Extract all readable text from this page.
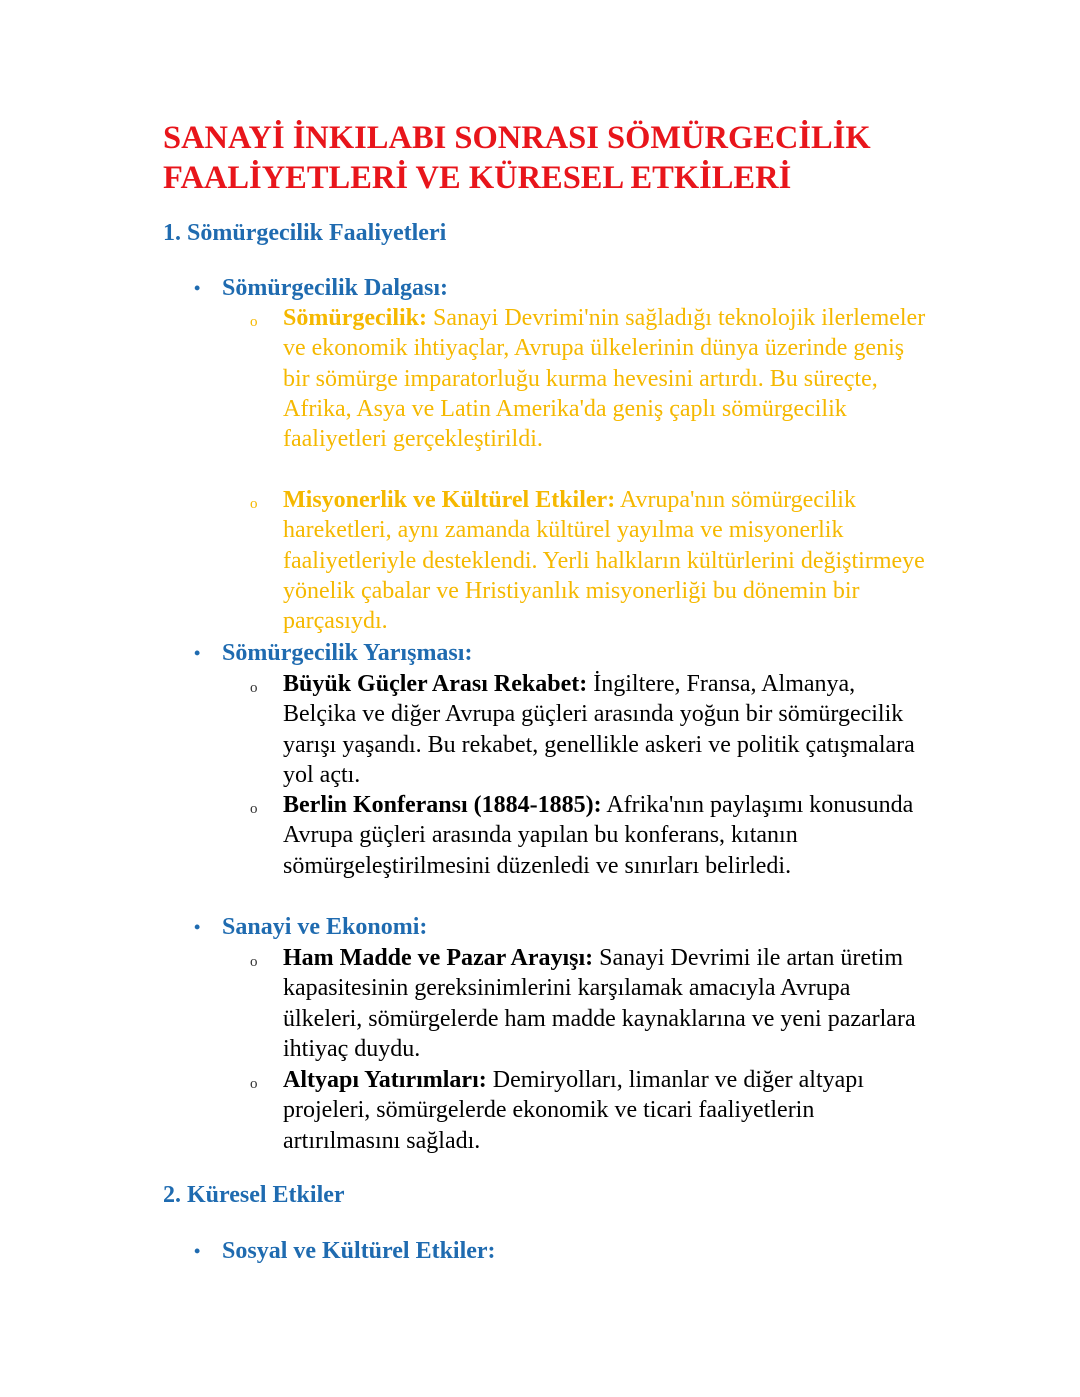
SANAYİ İNKILABI SONRASI SÖMÜRGECİLİK FAALİYETLERİ VE KÜRESEL ETKİLERİ
1. Sömürgecilik Faaliyetleri
• Sömürgecilik Dalgası:
o Sömürgecilik: Sanayi Devrimi'nin sağladığı teknolojik ilerlemeler ve ekonomik ihtiyaçlar, Avrupa ülkelerinin dünya üzerinde geniş bir sömürge imparatorluğu kurma hevesini artırdı. Bu süreçte, Afrika, Asya ve Latin Amerika'da geniş çaplı sömürgecilik faaliyetleri gerçekleştirildi.
o Misyonerlik ve Kültürel Etkiler: Avrupa'nın sömürgecilik hareketleri, aynı zamanda kültürel yayılma ve misyonerlik faaliyetleriyle desteklendi. Yerli halkların kültürlerini değiştirmeye yönelik çabalar ve Hristiyanlık misyonerliği bu dönemin bir parçasıydı.
• Sömürgecilik Yarışması:
o Büyük Güçler Arası Rekabet: İngiltere, Fransa, Almanya, Belçika ve diğer Avrupa güçleri arasında yoğun bir sömürgecilik yarışı yaşandı. Bu rekabet, genellikle askeri ve politik çatışmalara yol açtı.
o Berlin Konferansı (1884-1885): Afrika'nın paylaşımı konusunda Avrupa güçleri arasında yapılan bu konferans, kıtanın sömürgeleştirilmesini düzenledi ve sınırları belirledi.
• Sanayi ve Ekonomi:
o Ham Madde ve Pazar Arayışı: Sanayi Devrimi ile artan üretim kapasitesinin gereksinimlerini karşılamak amacıyla Avrupa ülkeleri, sömürgelerde ham madde kaynaklarına ve yeni pazarlara ihtiyaç duydu.
o Altyapı Yatırımları: Demiryolları, limanlar ve diğer altyapı projeleri, sömürgelerde ekonomik ve ticari faaliyetlerin artırılmasını sağladı.
2. Küresel Etkiler
• Sosyal ve Kültürel Etkiler:
